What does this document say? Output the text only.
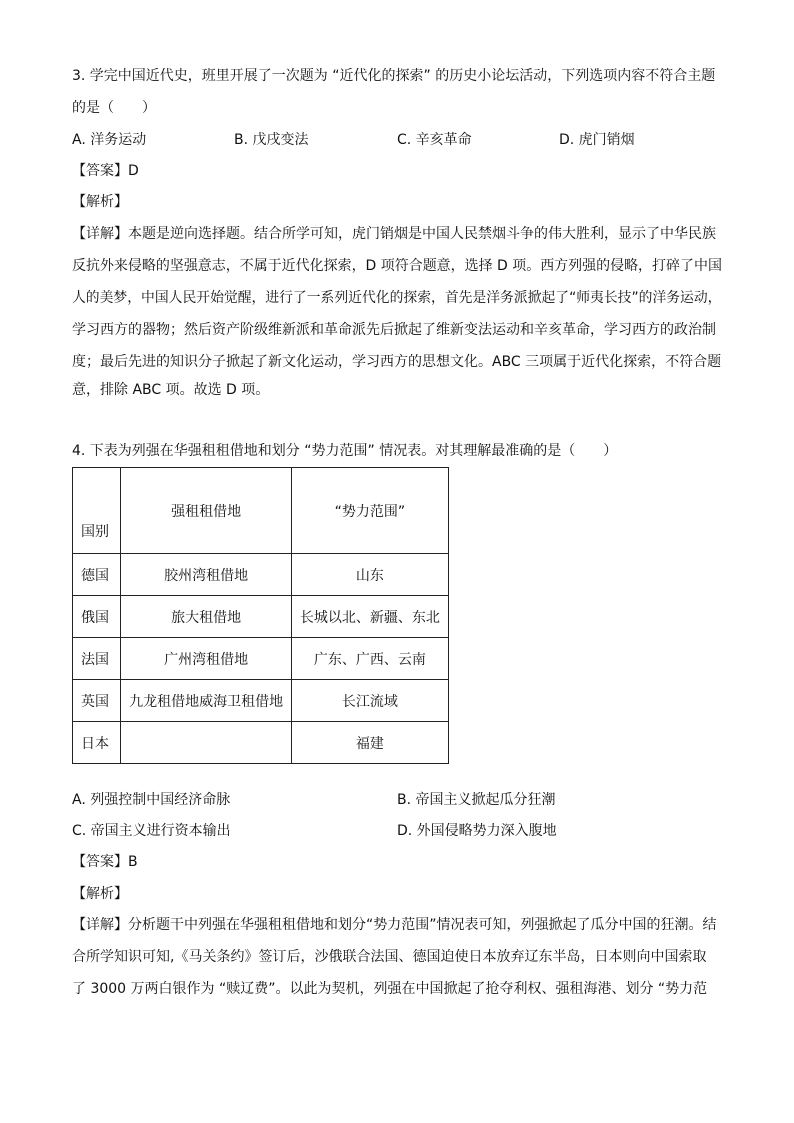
3. 学完中国近代史，班里开展了一次题为 “近代化的探索” 的历史小论坛活动，下列选项内容不符合主题
的是（　　）
A. 洋务运动	B. 戊戌变法	C. 辛亥革命	D. 虎门销烟
【答案】D
【解析】
【详解】本题是逆向选择题。结合所学可知，虎门销烟是中国人民禁烟斗争的伟大胜利，显示了中华民族
反抗外来侵略的坚强意志，不属于近代化探索，D 项符合题意，选择 D 项。西方列强的侵略，打碎了中国
人的美梦，中国人民开始觉醒，进行了一系列近代化的探索，首先是洋务派掀起了“师夷长技”的洋务运动，
学习西方的器物；然后资产阶级维新派和革命派先后掀起了维新变法运动和辛亥革命，学习西方的政治制
度；最后先进的知识分子掀起了新文化运动，学习西方的思想文化。ABC 三项属于近代化探索，不符合题
意，排除 ABC 项。故选 D 项。
4. 下表为列强在华强租租借地和划分 “势力范围” 情况表。对其理解最准确的是（　　）
国别	强租租借地	“势力范围”
德国	胶州湾租借地	山东
俄国	旅大租借地	长城以北、新疆、东北
法国	广州湾租借地	广东、广西、云南
英国	九龙租借地威海卫租借地	长江流域
日本		福建
A. 列强控制中国经济命脉	B. 帝国主义掀起瓜分狂潮
C. 帝国主义进行资本输出	D. 外国侵略势力深入腹地
【答案】B
【解析】
【详解】分析题干中列强在华强租租借地和划分“势力范围”情况表可知，列强掀起了瓜分中国的狂潮。结
合所学知识可知,《马关条约》签订后，沙俄联合法国、德国迫使日本放弃辽东半岛，日本则向中国索取
了 3000 万两白银作为 “赎辽费”。以此为契机，列强在中国掀起了抢夺利权、强租海港、划分 “势力范
